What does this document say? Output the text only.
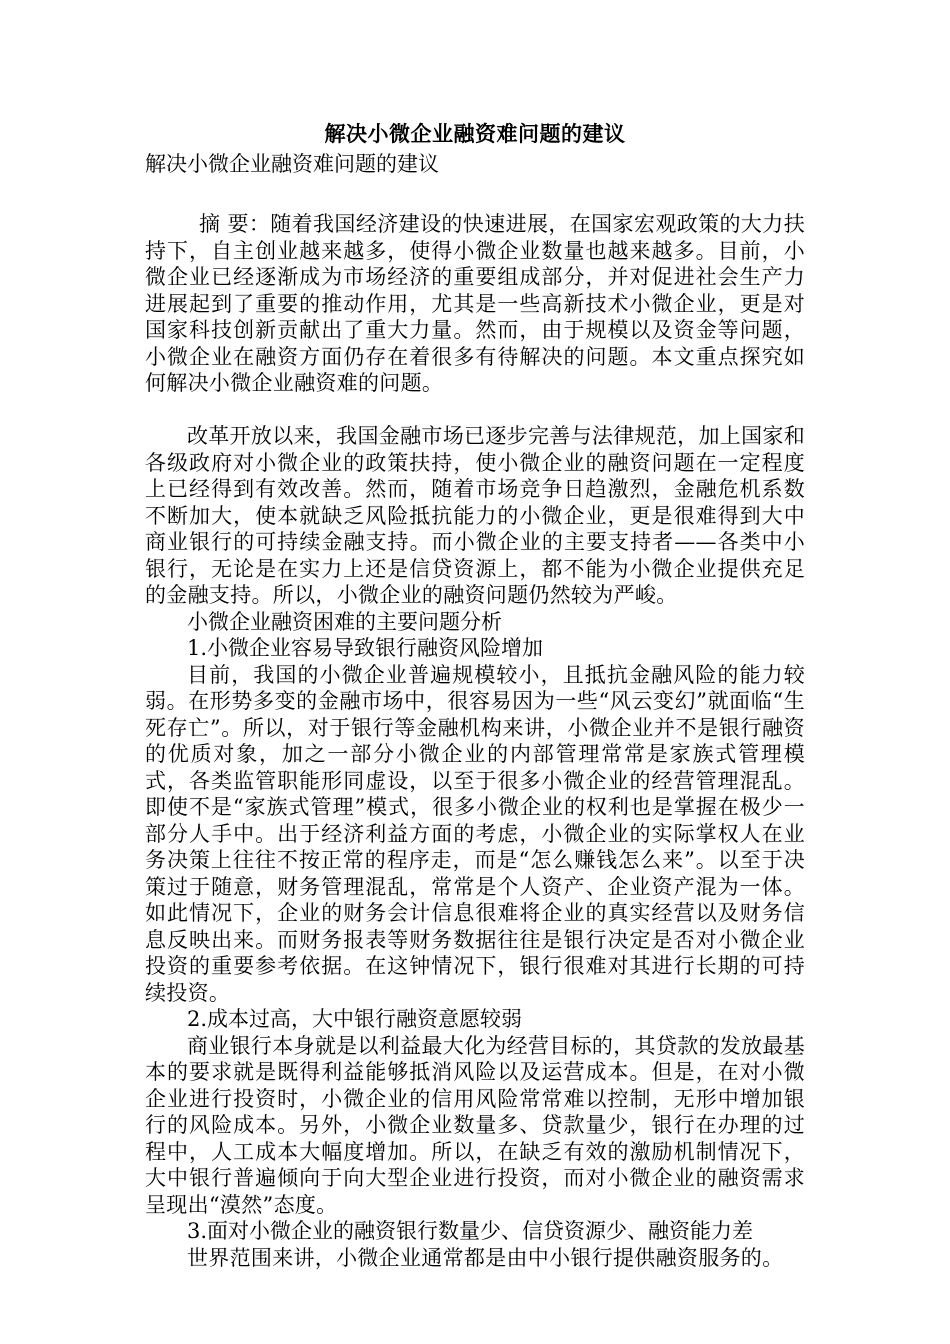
解决小微企业融资难问题的建议

解决小微企业融资难问题的建议

摘 要：随着我国经济建设的快速进展，在国家宏观政策的大力扶持下，自主创业越来越多，使得小微企业数量也越来越多。目前，小微企业已经逐渐成为市场经济的重要组成部分，并对促进社会生产力进展起到了重要的推动作用，尤其是一些高新技术小微企业，更是对国家科技创新贡献出了重大力量。然而，由于规模以及资金等问题，小微企业在融资方面仍存在着很多有待解决的问题。本文重点探究如何解决小微企业融资难的问题。

改革开放以来，我国金融市场已逐步完善与法律规范，加上国家和各级政府对小微企业的政策扶持，使小微企业的融资问题在一定程度上已经得到有效改善。然而，随着市场竞争日趋激烈，金融危机系数不断加大，使本就缺乏风险抵抗能力的小微企业，更是很难得到大中商业银行的可持续金融支持。而小微企业的主要支持者——各类中小银行，无论是在实力上还是信贷资源上，都不能为小微企业提供充足的金融支持。所以，小微企业的融资问题仍然较为严峻。

小微企业融资困难的主要问题分析

1.小微企业容易导致银行融资风险增加

目前，我国的小微企业普遍规模较小，且抵抗金融风险的能力较弱。在形势多变的金融市场中，很容易因为一些“风云变幻”就面临“生死存亡”。所以，对于银行等金融机构来讲，小微企业并不是银行融资的优质对象，加之一部分小微企业的内部管理常常是家族式管理模式，各类监管职能形同虚设，以至于很多小微企业的经营管理混乱。即使不是“家族式管理”模式，很多小微企业的权利也是掌握在极少一部分人手中。出于经济利益方面的考虑，小微企业的实际掌权人在业务决策上往往不按正常的程序走，而是“怎么赚钱怎么来”。以至于决策过于随意，财务管理混乱，常常是个人资产、企业资产混为一体。如此情况下，企业的财务会计信息很难将企业的真实经营以及财务信息反映出来。而财务报表等财务数据往往是银行决定是否对小微企业投资的重要参考依据。在这钟情况下，银行很难对其进行长期的可持续投资。

2.成本过高，大中银行融资意愿较弱

商业银行本身就是以利益最大化为经营目标的，其贷款的发放最基本的要求就是既得利益能够抵消风险以及运营成本。但是，在对小微企业进行投资时，小微企业的信用风险常常难以控制，无形中增加银行的风险成本。另外，小微企业数量多、贷款量少，银行在办理的过程中，人工成本大幅度增加。所以，在缺乏有效的激励机制情况下，大中银行普遍倾向于向大型企业进行投资，而对小微企业的融资需求呈现出“漠然”态度。

3.面对小微企业的融资银行数量少、信贷资源少、融资能力差

世界范围来讲，小微企业通常都是由中小银行提供融资服务的。
